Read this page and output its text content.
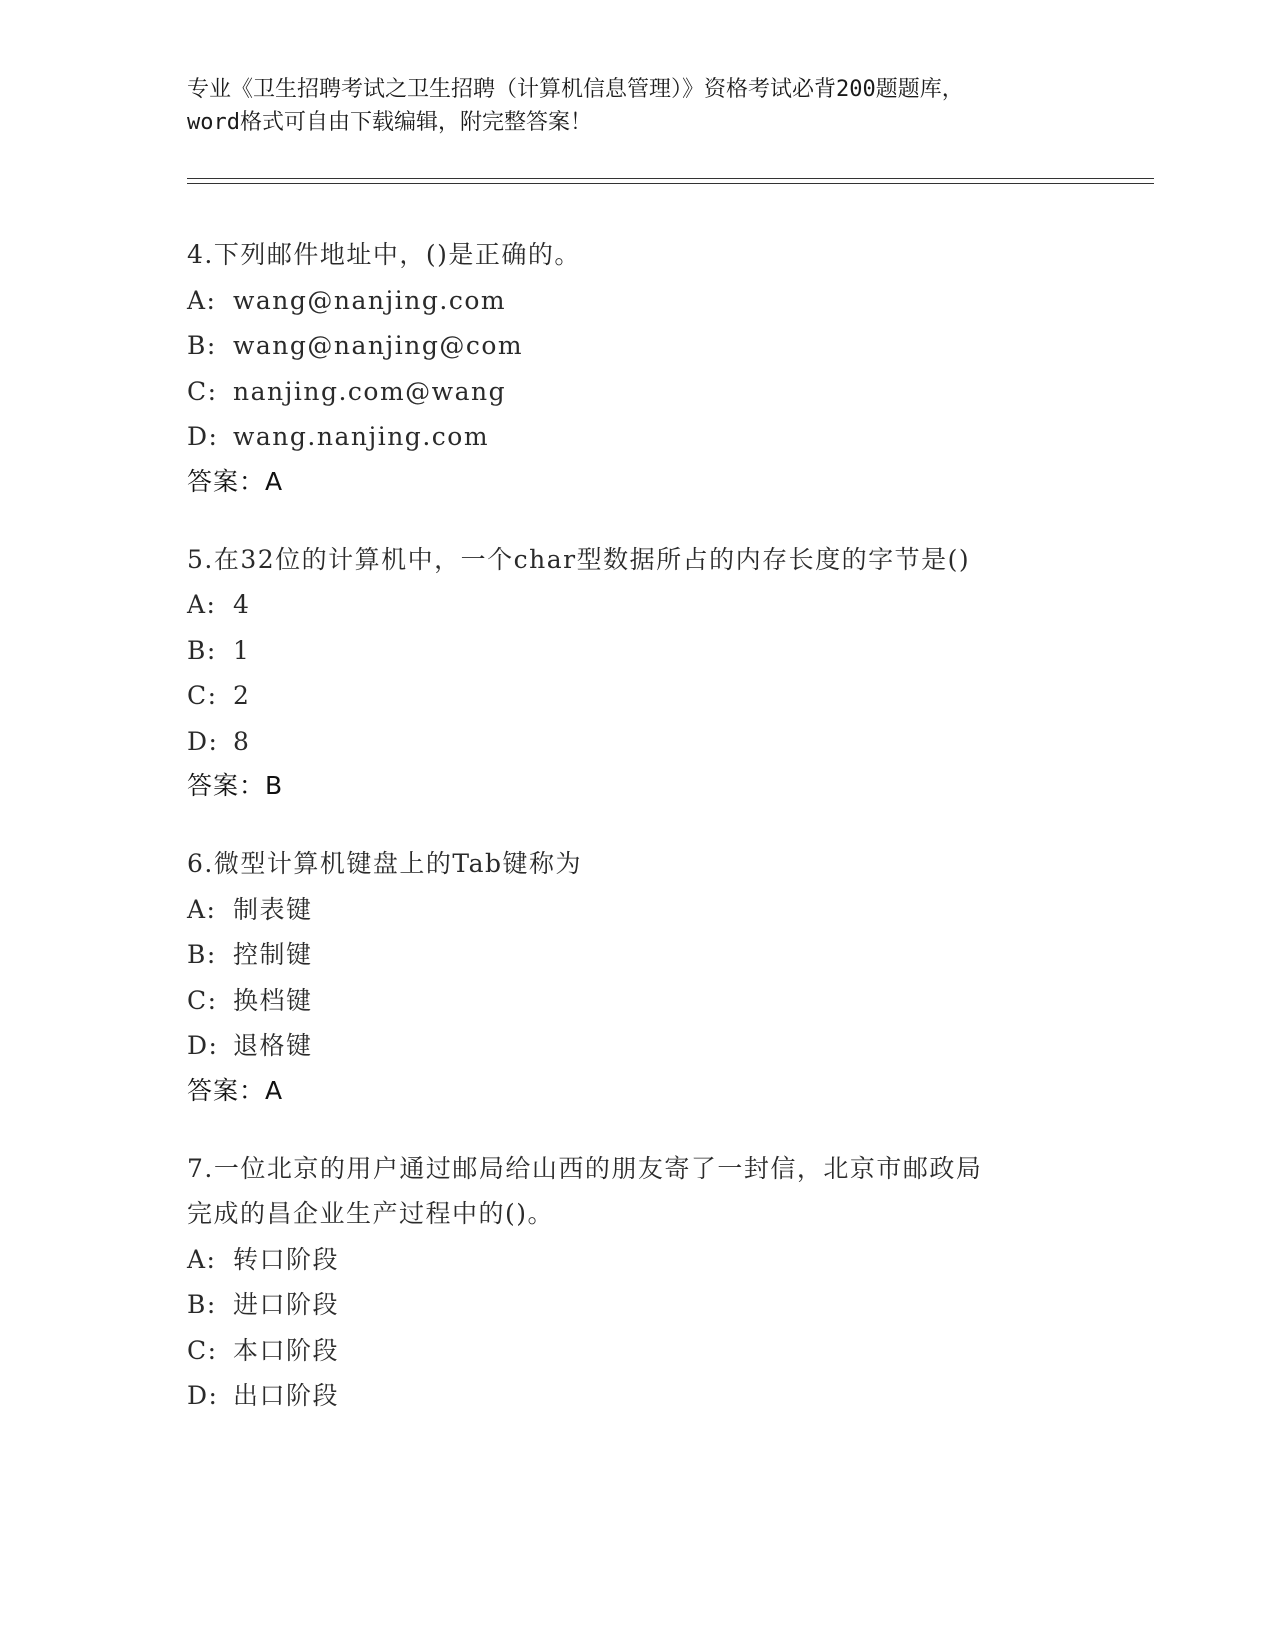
专业《卫生招聘考试之卫生招聘（计算机信息管理）》资格考试必背200题题库，
word格式可自由下载编辑，附完整答案！
4.下列邮件地址中，()是正确的。
A: wang@nanjing.com
B: wang@nanjing@com
C: nanjing.com@wang
D: wang.nanjing.com
答案：A
5.在32位的计算机中，一个char型数据所占的内存长度的字节是()
A: 4
B: 1
C: 2
D: 8
答案：B
6.微型计算机键盘上的Tab键称为
A: 制表键
B: 控制键
C: 换档键
D: 退格键
答案：A
7.一位北京的用户通过邮局给山西的朋友寄了一封信，北京市邮政局
完成的昌企业生产过程中的()。
A: 转口阶段
B: 进口阶段
C: 本口阶段
D: 出口阶段
